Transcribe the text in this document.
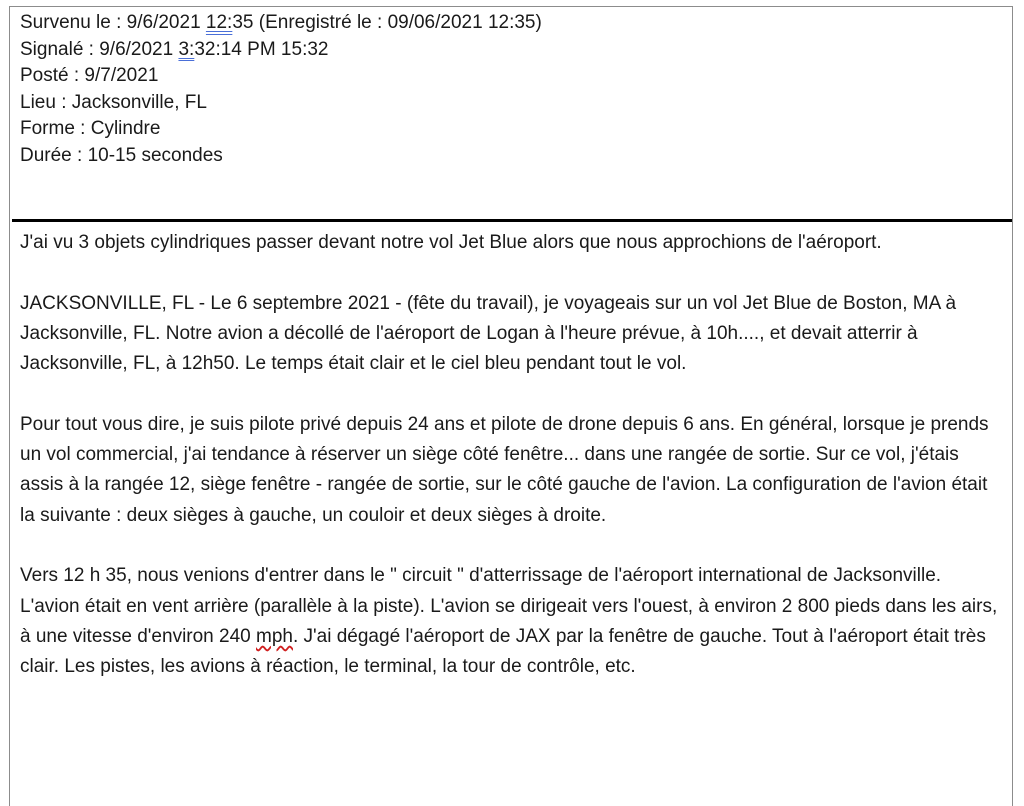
Survenu le : 9/6/2021 12:35 (Enregistré le : 09/06/2021 12:35)
Signalé : 9/6/2021 3:32:14 PM 15:32
Posté : 9/7/2021
Lieu : Jacksonville, FL
Forme : Cylindre
Durée : 10-15 secondes

J'ai vu 3 objets cylindriques passer devant notre vol Jet Blue alors que nous approchions de l'aéroport.

JACKSONVILLE, FL - Le 6 septembre 2021 - (fête du travail), je voyageais sur un vol Jet Blue de Boston, MA à Jacksonville, FL. Notre avion a décollé de l'aéroport de Logan à l'heure prévue, à 10h...., et devait atterrir à Jacksonville, FL, à 12h50. Le temps était clair et le ciel bleu pendant tout le vol.

Pour tout vous dire, je suis pilote privé depuis 24 ans et pilote de drone depuis 6 ans. En général, lorsque je prends un vol commercial, j'ai tendance à réserver un siège côté fenêtre... dans une rangée de sortie. Sur ce vol, j'étais assis à la rangée 12, siège fenêtre - rangée de sortie, sur le côté gauche de l'avion. La configuration de l'avion était la suivante : deux sièges à gauche, un couloir et deux sièges à droite.

Vers 12 h 35, nous venions d'entrer dans le " circuit " d'atterrissage de l'aéroport international de Jacksonville. L'avion était en vent arrière (parallèle à la piste). L'avion se dirigeait vers l'ouest, à environ 2 800 pieds dans les airs, à une vitesse d'environ 240 mph. J'ai dégagé l'aéroport de JAX par la fenêtre de gauche. Tout à l'aéroport était très clair. Les pistes, les avions à réaction, le terminal, la tour de contrôle, etc.
